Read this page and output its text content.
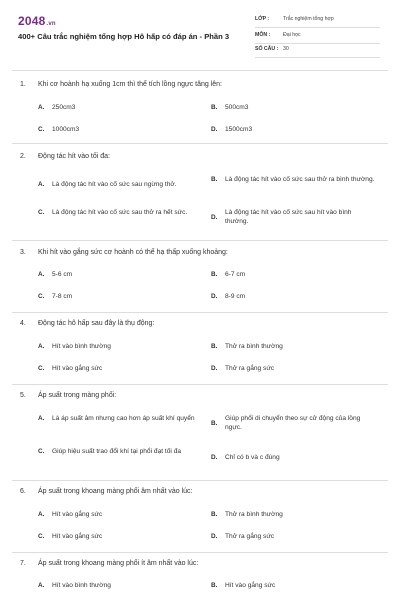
2048.vn
400+ Câu trắc nghiệm tổng hợp Hô hấp có đáp án - Phần 3
LỚP :	Trắc nghiệm tổng hợp
MÔN : Đại học
SỐ CÂU : 30
1. Khi cơ hoành hạ xuống 1cm thì thể tích lồng ngực tăng lên:
A.	250cm3	B.	500cm3
C.	1000cm3	D.	1500cm3
2. Động tác hít vào tối đa:
A.	Là động tác hít vào cố sức sau ngừng thở.
B.	Là động tác hít vào cố sức sau thở ra bình thường.
C.	Là động tác hít vào cố sức sau thở ra hết sức.
D.
Là động tác hít vào cố sức sau hít vào bình thường.
3. Khi hít vào gắng sức cơ hoành có thể hạ thấp xuống khoảng:
A.	5-6 cm	B.	6-7 cm
C.	7-8 cm	D.	8-9 cm
4. Động tác hô hấp sau đây là thụ động:
A.	Hít vào bình thường	B.	Thở ra bình thường
C.	Hít vào gắng sức	D.	Thở ra gắng sức
5. Áp suất trong màng phổi:
A.	Là áp suất âm nhưng cao hơn áp suất khí quyển
B.
Giúp phổi di chuyển theo sự cử động của lồng ngực.
C.	Giúp hiệu suất trao đổi khí tại phổi đạt tối đa
D.	Chỉ có b và c đúng
6. Áp suất trong khoang màng phổi âm nhất vào lúc:
A.	Hít vào gắng sức	B.	Thở ra bình thường
C.	Hít vào gắng sức	D.	Thở ra gắng sức
7. Áp suất trong khoang màng phổi ít âm nhất vào lúc:
A.	Hít vào bình thường	B.	Hít vào gắng sức
